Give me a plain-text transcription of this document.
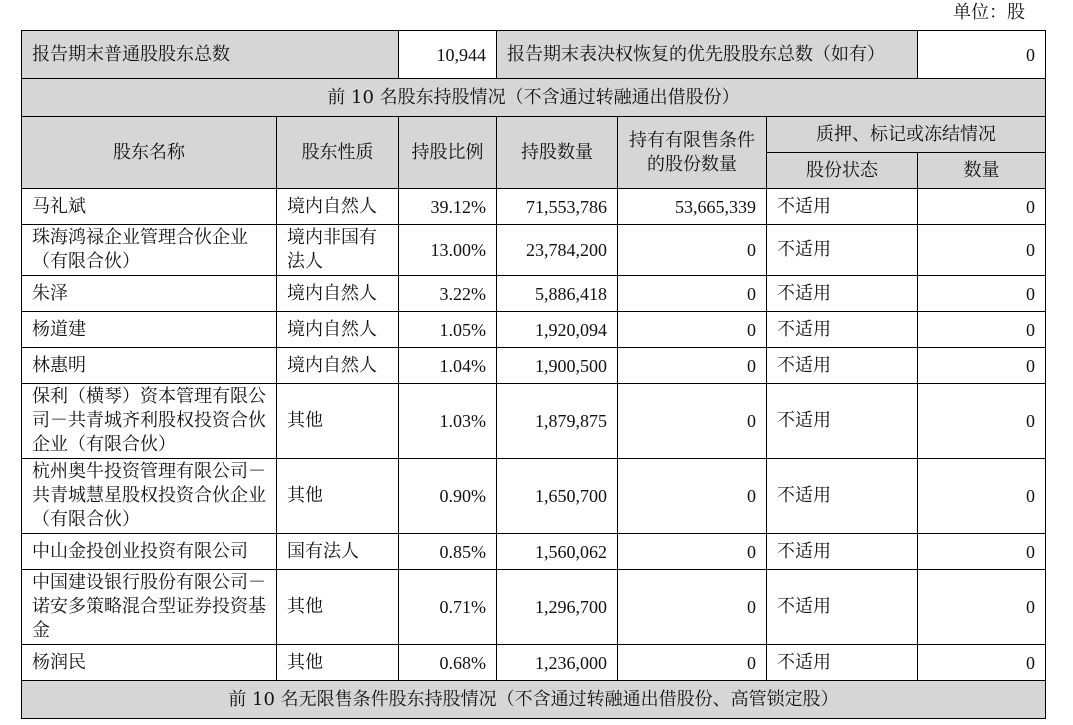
单位：股
报告期末普通股股东总数		10,944	报告期末表决权恢复的优先股股东总数（如有）			0
前 10 名股东持股情况（不含通过转融通出借股份）						
股东名称	股东性质	持股比例	持股数量	持有有限售条件的股份数量	质押、标记或冻结情况	
					股份状态	数量
马礼斌	境内自然人	39.12%	71,553,786	53,665,339	不适用	0
珠海鸿禄企业管理合伙企业（有限合伙）	境内非国有法人	13.00%	23,784,200	0	不适用	0
朱泽	境内自然人	3.22%	5,886,418	0	不适用	0
杨道建	境内自然人	1.05%	1,920,094	0	不适用	0
林惠明	境内自然人	1.04%	1,900,500	0	不适用	0
保利（横琴）资本管理有限公司－共青城齐利股权投资合伙企业（有限合伙）	其他	1.03%	1,879,875	0	不适用	0
杭州奥牛投资管理有限公司－共青城慧星股权投资合伙企业（有限合伙）	其他	0.90%	1,650,700	0	不适用	0
中山金投创业投资有限公司	国有法人	0.85%	1,560,062	0	不适用	0
中国建设银行股份有限公司－诺安多策略混合型证券投资基金	其他	0.71%	1,296,700	0	不适用	0
杨润民	其他	0.68%	1,236,000	0	不适用	0
前 10 名无限售条件股东持股情况（不含通过转融通出借股份、高管锁定股）						
